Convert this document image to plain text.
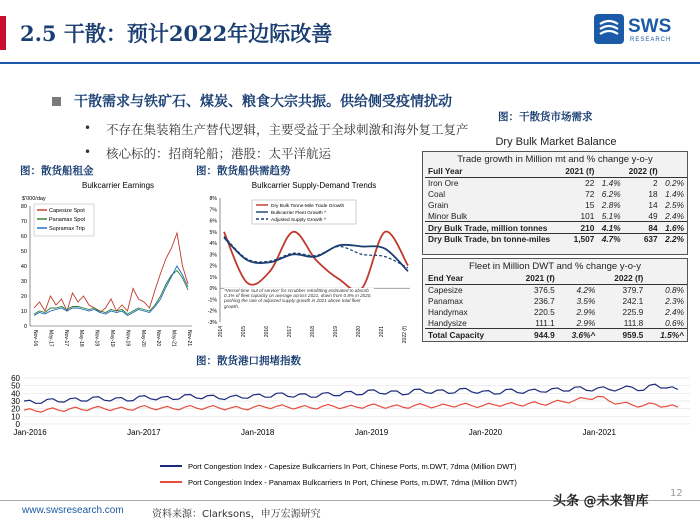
2.5 干散：预计2022年边际改善	SWS
RESEARCH
干散需求与铁矿石、煤炭、粮食大宗共振。供给侧受疫情扰动
• 不存在集装箱生产替代逻辑，主要受益于全球刺激和海外复工复产
• 核心标的：招商轮船；港股：太平洋航运
图：散货船租金	图：散货船供需趋势
图：干散货市场需求
图：散货港口拥堵指数
Bulkcarrier Earnings
$'000/day
0
10
20
30
40
50
60
70
80
Nov-16 May-17 Nov-17 May-18 Nov-18 May-19 Nov-19 May-20 Nov-20 May-21 Nov-21
Capesize Spot
Panamax Spot
Supramax Trip
Bulkcarrier Supply-Demand Trends
-3%
-2%
-1%
0%
1%
2%
3%
4%
5%
6%
7%
8%
2014	2015	2016	2017	2018	2019	2020	2021	2022 (f)
Dry Bulk Tonne-Mile Trade Growth
Bulkcarrier Fleet Growth ^
Adjusted Supply Growth ^
*Vessel time 'out of service' for scrubber retrofitting estimated to absorb 0.1% of fleet capacity on average across 2021, down from 0.8% in 2020, pushing the rate of adjusted supply growth in 2021 above total fleet growth.
Dry Bulk Market Balance
Trade growth in Million mt and % change y-o-y
Full Year	2021 (f)		2022 (f)	
Iron Ore	22	1.4%	2	0.2%
Coal	72	6.2%	18	1.4%
Grain	15	2.8%	14	2.5%
Minor Bulk	101	5.1%	49	2.4%
Dry Bulk Trade, million tonnes	210	4.1%	84	1.6%
Dry Bulk Trade, bn tonne-miles	1,507	4.7%	637	2.2%
Fleet in Million DWT and % change y-o-y
End Year	2021 (f)		2022 (f)	
Capesize	376.5	4.2%	379.7	0.8%
Panamax	236.7	3.5%	242.1	2.3%
Handymax	220.5	2.9%	225.9	2.4%
Handysize	111.1	2.9%	111.8	0.6%
Total Capacity	944.9	3.6%^	959.5	1.5%^
0
10
20
30
40
50
60
Jan-2016	Jan-2017	Jan-2018	Jan-2019	Jan-2020	Jan-2021
Port Congestion Index - Capesize Bulkcarriers In Port, Chinese Ports, m.DWT, 7dma (Million DWT)
Port Congestion Index - Panamax Bulkcarriers In Port, Chinese Ports, m.DWT, 7dma (Million DWT)
www.swsresearch.com	资料来源：Clarksons，申万宏源研究
头条 @未来智库
12
